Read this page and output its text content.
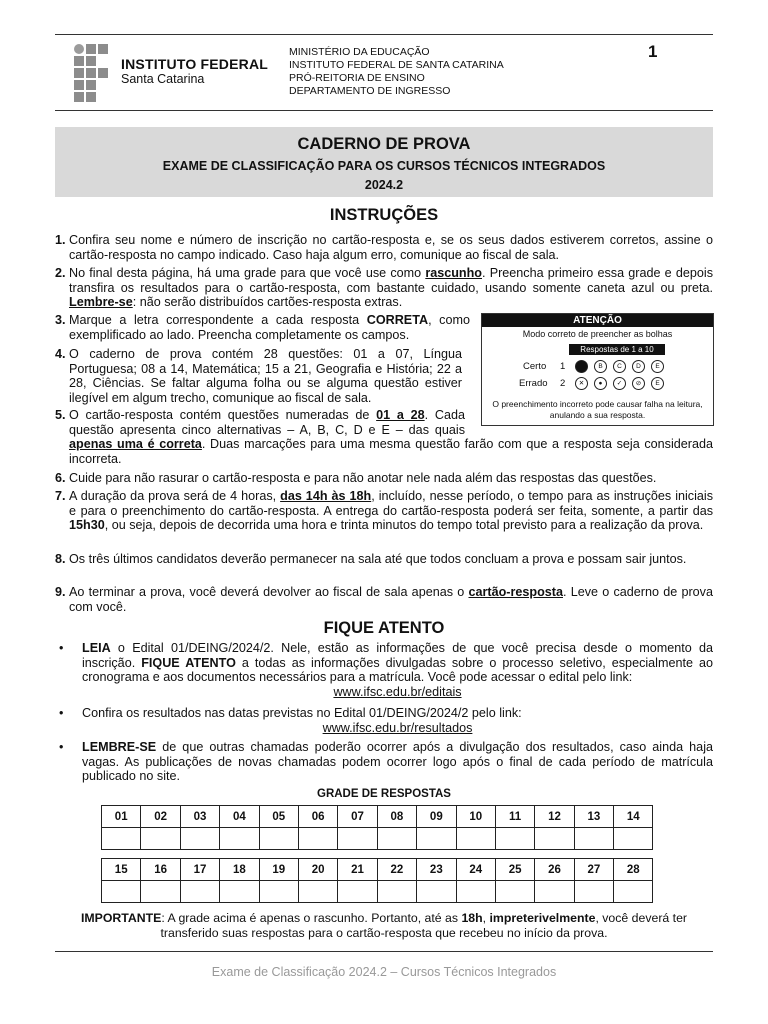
INSTITUTO FEDERAL
Santa Catarina
MINISTÉRIO DA EDUCAÇÃO
INSTITUTO FEDERAL DE SANTA CATARINA
PRÓ-REITORIA DE ENSINO
DEPARTAMENTO DE INGRESSO
1
CADERNO DE PROVA
EXAME DE CLASSIFICAÇÃO PARA OS CURSOS TÉCNICOS INTEGRADOS
2024.2
INSTRUÇÕES
1. Confira seu nome e número de inscrição no cartão-resposta e, se os seus dados estiverem corretos, assine o cartão-resposta no campo indicado. Caso haja algum erro, comunique ao fiscal de sala.
2. No final desta página, há uma grade para que você use como rascunho. Preencha primeiro essa grade e depois transfira os resultados para o cartão-resposta, com bastante cuidado, usando somente caneta azul ou preta. Lembre-se: não serão distribuídos cartões-resposta extras.
3. Marque a letra correspondente a cada resposta CORRETA, como exemplificado ao lado. Preencha completamente os campos.
4. O caderno de prova contém 28 questões: 01 a 07, Língua Portuguesa; 08 a 14, Matemática; 15 a 21, Geografia e História; 22 a 28, Ciências. Se faltar alguma folha ou se alguma questão estiver ilegível em algum trecho, comunique ao fiscal de sala.
5. O cartão-resposta contém questões numeradas de 01 a 28. Cada questão apresenta cinco alternativas – A, B, C, D e E – das quais apenas uma é correta. Duas marcações para uma mesma questão farão com que a resposta seja considerada incorreta.
6. Cuide para não rasurar o cartão-resposta e para não anotar nele nada além das respostas das questões.
7. A duração da prova será de 4 horas, das 14h às 18h, incluído, nesse período, o tempo para as instruções iniciais e para o preenchimento do cartão-resposta. A entrega do cartão-resposta poderá ser feita, somente, a partir das 15h30, ou seja, depois de decorrida uma hora e trinta minutos do tempo total previsto para a realização da prova.
8. Os três últimos candidatos deverão permanecer na sala até que todos concluam a prova e possam sair juntos.
9. Ao terminar a prova, você deverá devolver ao fiscal de sala apenas o cartão-resposta. Leve o caderno de prova com você.
ATENÇÃO
Modo correto de preencher as bolhas
Respostas de 1 a 10
Certo
Errado
1
2
B	C	D	E
✕	●	✓	⊘	E
O preenchimento incorreto pode causar falha na leitura, anulando a sua resposta.
FIQUE ATENTO
• LEIA o Edital 01/DEING/2024/2. Nele, estão as informações de que você precisa desde o momento da inscrição. FIQUE ATENTO a todas as informações divulgadas sobre o processo seletivo, especialmente ao cronograma e aos documentos necessários para a matrícula. Você pode acessar o edital pelo link:
www.ifsc.edu.br/editais
• Confira os resultados nas datas previstas no Edital 01/DEING/2024/2 pelo link:
www.ifsc.edu.br/resultados
• LEMBRE-SE de que outras chamadas poderão ocorrer após a divulgação dos resultados, caso ainda haja vagas. As publicações de novas chamadas podem ocorrer logo após o final de cada período de matrícula publicado no site.
GRADE DE RESPOSTAS
01	02	03	04	05	06	07	08	09	10	11	12	13	14

15	16	17	18	19	20	21	22	23	24	25	26	27	28

IMPORTANTE: A grade acima é apenas o rascunho. Portanto, até as 18h, impreterivelmente, você deverá ter transferido suas respostas para o cartão-resposta que recebeu no início da prova.
Exame de Classificação 2024.2 – Cursos Técnicos Integrados
